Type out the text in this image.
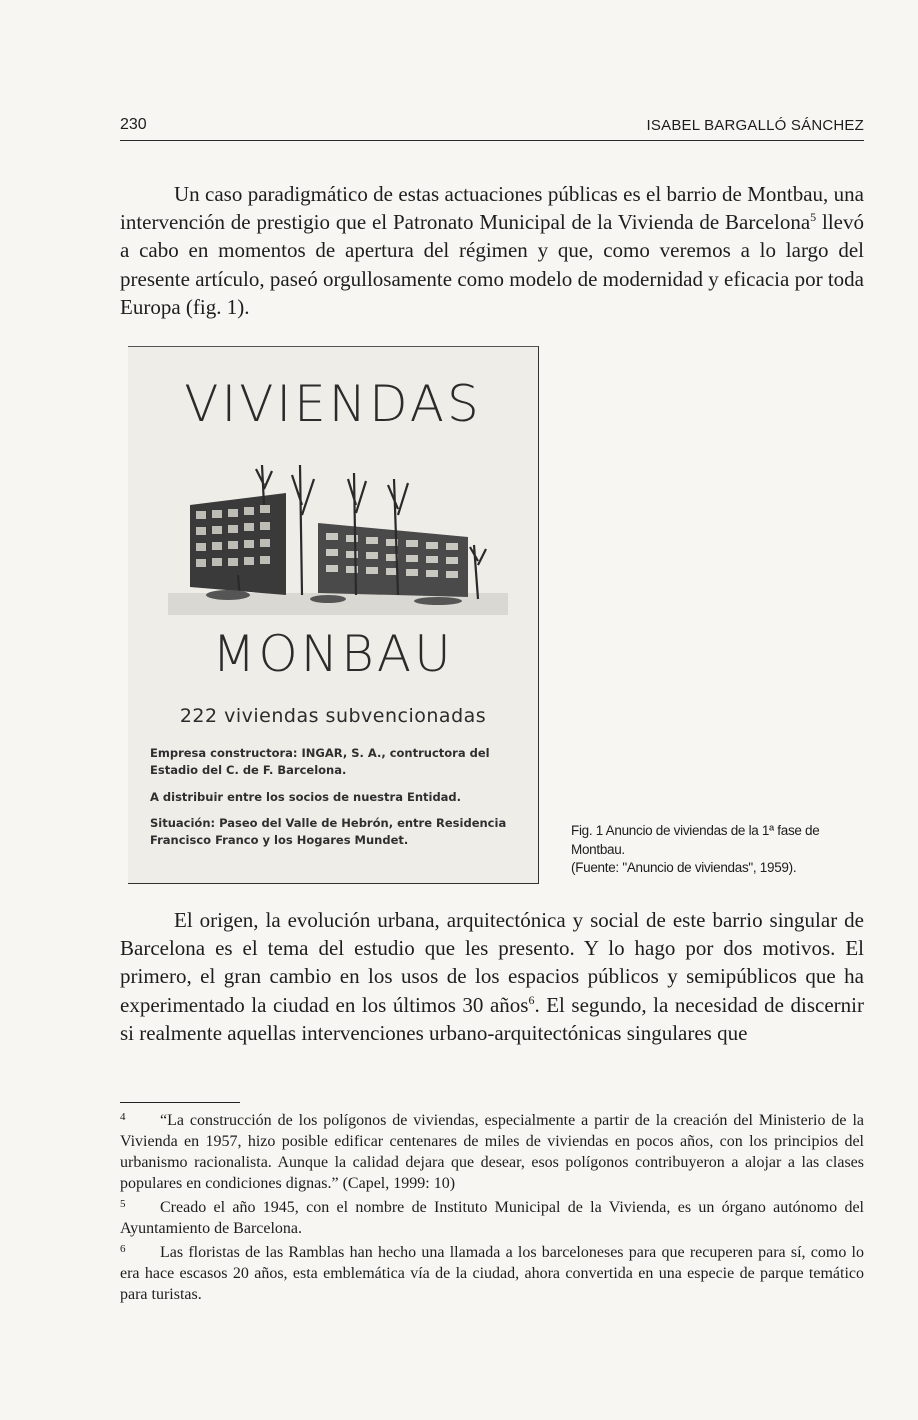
230	ISABEL BARGALLÓ SÁNCHEZ

Un caso paradigmático de estas actuaciones públicas es el barrio de Montbau, una intervención de prestigio que el Patronato Municipal de la Vivienda de Barcelona$^5$ llevó a cabo en momentos de apertura del régimen y que, como veremos a lo largo del presente artículo, paseó orgullosamente como modelo de modernidad y eficacia por toda Europa (fig. 1).

VIVIENDAS
MONBAU
222 viviendas subvencionadas
Empresa constructora: INGAR, S. A., contructora del Estadio del C. de F. Barcelona.
A distribuir entre los socios de nuestra Entidad.
Situación: Paseo del Valle de Hebrón, entre Residencia Francisco Franco y los Hogares Mundet.
Fig. 1 Anuncio de viviendas de la 1ª fase de
Montbau.
(Fuente: "Anuncio de viviendas", 1959).

El origen, la evolución urbana, arquitectónica y social de este barrio singular de Barcelona es el tema del estudio que les presento. Y lo hago por dos motivos. El primero, el gran cambio en los usos de los espacios públicos y semipúblicos que ha experimentado la ciudad en los últimos 30 años$^6$. El segundo, la necesidad de discernir si realmente aquellas intervenciones urbano-arquitectónicas singulares que

4 “La construcción de los polígonos de viviendas, especialmente a partir de la creación del Ministerio de la Vivienda en 1957, hizo posible edificar centenares de miles de viviendas en pocos años, con los principios del urbanismo racionalista. Aunque la calidad dejara que desear, esos polígonos contribuyeron a alojar a las clases populares en condiciones dignas.” (Capel, 1999: 10)

5 Creado el año 1945, con el nombre de Instituto Municipal de la Vivienda, es un órgano autónomo del Ayuntamiento de Barcelona.

6 Las floristas de las Ramblas han hecho una llamada a los barceloneses para que recuperen para sí, como lo era hace escasos 20 años, esta emblemática vía de la ciudad, ahora convertida en una especie de parque temático para turistas.
